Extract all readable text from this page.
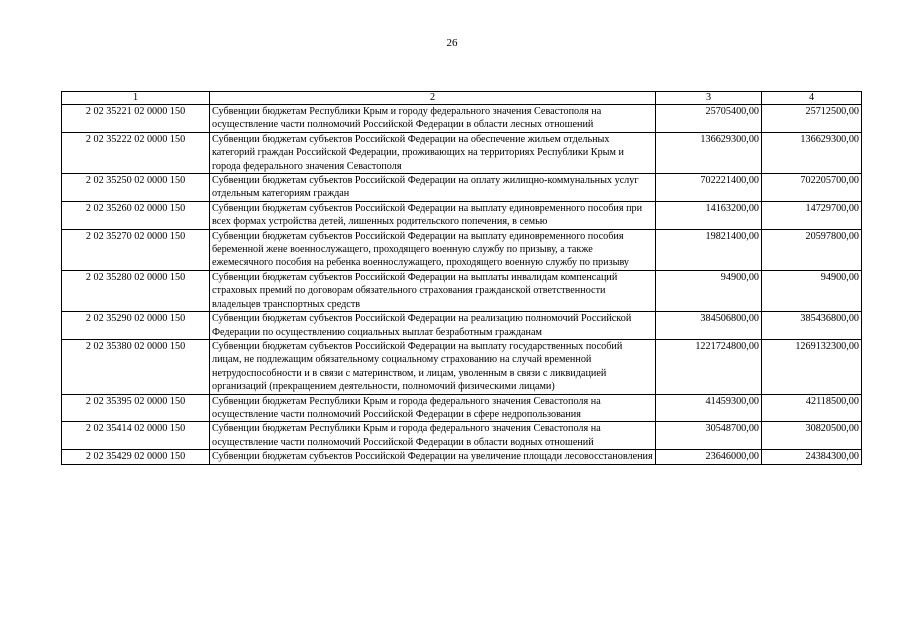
26
1	2	3	4
2 02 35221 02 0000 150	Субвенции бюджетам Республики Крым и городу федерального значения Севастополя на осуществление части полномочий Российской Федерации в области лесных отношений	25705400,00	25712500,00
2 02 35222 02 0000 150	Субвенции бюджетам субъектов Российской Федерации на обеспечение жильем отдельных категорий граждан Российской Федерации, проживающих на территориях Республики Крым и города федерального значения Севастополя	136629300,00	136629300,00
2 02 35250 02 0000 150	Субвенции бюджетам субъектов Российской Федерации на оплату жилищно-коммунальных услуг отдельным категориям граждан	702221400,00	702205700,00
2 02 35260 02 0000 150	Субвенции бюджетам субъектов Российской Федерации на выплату единовременного пособия при всех формах устройства детей, лишенных родительского попечения, в семью	14163200,00	14729700,00
2 02 35270 02 0000 150	Субвенции бюджетам субъектов Российской Федерации на выплату единовременного пособия беременной жене военнослужащего, проходящего военную службу по призыву, а также ежемесячного пособия на ребенка военнослужащего, проходящего военную службу по призыву	19821400,00	20597800,00
2 02 35280 02 0000 150	Субвенции бюджетам субъектов Российской Федерации на выплаты инвалидам компенсаций страховых премий по договорам обязательного страхования гражданской ответственности владельцев транспортных средств	94900,00	94900,00
2 02 35290 02 0000 150	Субвенции бюджетам субъектов Российской Федерации на реализацию полномочий Российской Федерации по осуществлению социальных выплат безработным гражданам	384506800,00	385436800,00
2 02 35380 02 0000 150	Субвенции бюджетам субъектов Российской Федерации на выплату государственных пособий лицам, не подлежащим обязательному социальному страхованию на случай временной нетрудоспособности и в связи с материнством, и лицам, уволенным в связи с ликвидацией организаций (прекращением деятельности, полномочий физическими лицами)	1221724800,00	1269132300,00
2 02 35395 02 0000 150	Субвенции бюджетам Республики Крым и города федерального значения Севастополя на осуществление части полномочий Российской Федерации в сфере недропользования	41459300,00	42118500,00
2 02 35414 02 0000 150	Субвенции бюджетам Республики Крым и города федерального значения Севастополя на осуществление части полномочий Российской Федерации в области водных отношений	30548700,00	30820500,00
2 02 35429 02 0000 150	Субвенции бюджетам субъектов Российской Федерации на увеличение площади лесовосстановления	23646000,00	24384300,00
